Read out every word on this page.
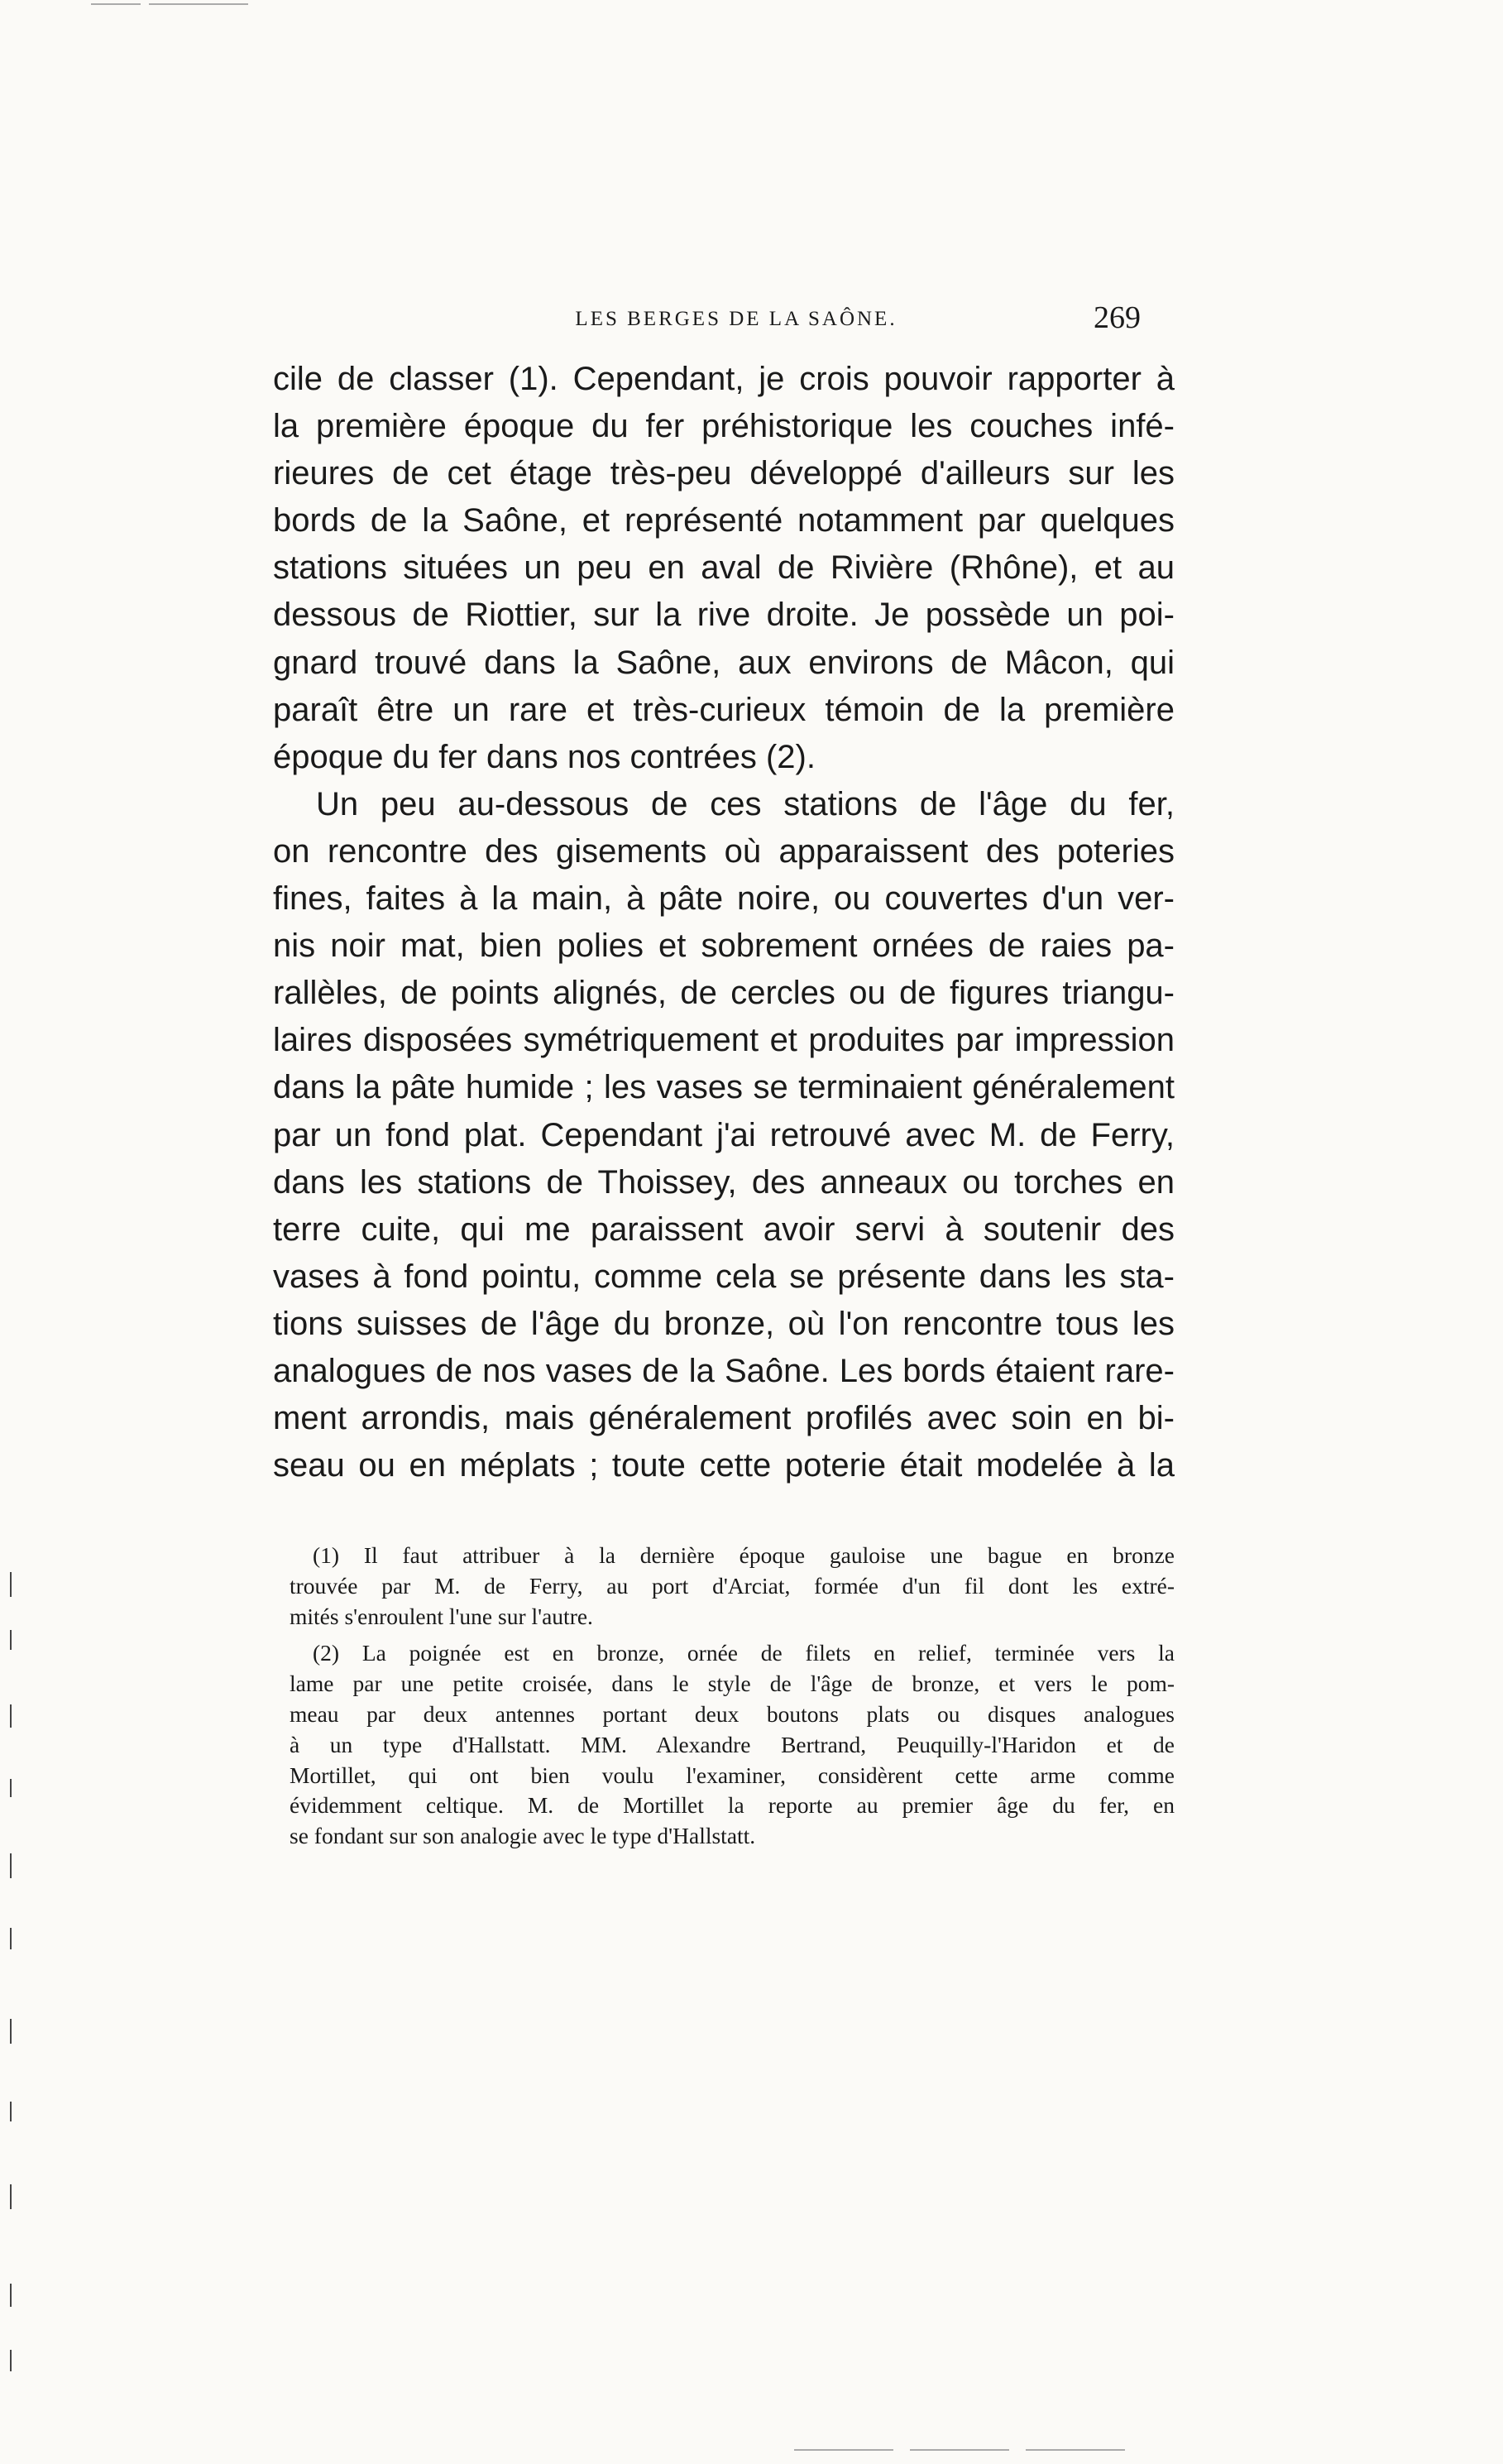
LES BERGES DE LA SAÔNE.	269
cile de classer (1). Cependant, je crois pouvoir rapporter à
la première époque du fer préhistorique les couches infé-
rieures de cet étage très-peu développé d'ailleurs sur les
bords de la Saône, et représenté notamment par quelques
stations situées un peu en aval de Rivière (Rhône), et au
dessous de Riottier, sur la rive droite. Je possède un poi-
gnard trouvé dans la Saône, aux environs de Mâcon, qui
paraît être un rare et très-curieux témoin de la première
époque du fer dans nos contrées (2).
Un peu au-dessous de ces stations de l'âge du fer,
on rencontre des gisements où apparaissent des poteries
fines, faites à la main, à pâte noire, ou couvertes d'un ver-
nis noir mat, bien polies et sobrement ornées de raies pa-
rallèles, de points alignés, de cercles ou de figures triangu-
laires disposées symétriquement et produites par impression
dans la pâte humide ; les vases se terminaient généralement
par un fond plat. Cependant j'ai retrouvé avec M. de Ferry,
dans les stations de Thoissey, des anneaux ou torches en
terre cuite, qui me paraissent avoir servi à soutenir des
vases à fond pointu, comme cela se présente dans les sta-
tions suisses de l'âge du bronze, où l'on rencontre tous les
analogues de nos vases de la Saône. Les bords étaient rare-
ment arrondis, mais généralement profilés avec soin en bi-
seau ou en méplats ; toute cette poterie était modelée à la
(1) Il faut attribuer à la dernière époque gauloise une bague en bronze
trouvée par M. de Ferry, au port d'Arciat, formée d'un fil dont les extré-
mités s'enroulent l'une sur l'autre.
(2) La poignée est en bronze, ornée de filets en relief, terminée vers la
lame par une petite croisée, dans le style de l'âge de bronze, et vers le pom-
meau par deux antennes portant deux boutons plats ou disques analogues
à un type d'Hallstatt. MM. Alexandre Bertrand, Peuquilly-l'Haridon et de
Mortillet, qui ont bien voulu l'examiner, considèrent cette arme comme
évidemment celtique. M. de Mortillet la reporte au premier âge du fer, en
se fondant sur son analogie avec le type d'Hallstatt.
